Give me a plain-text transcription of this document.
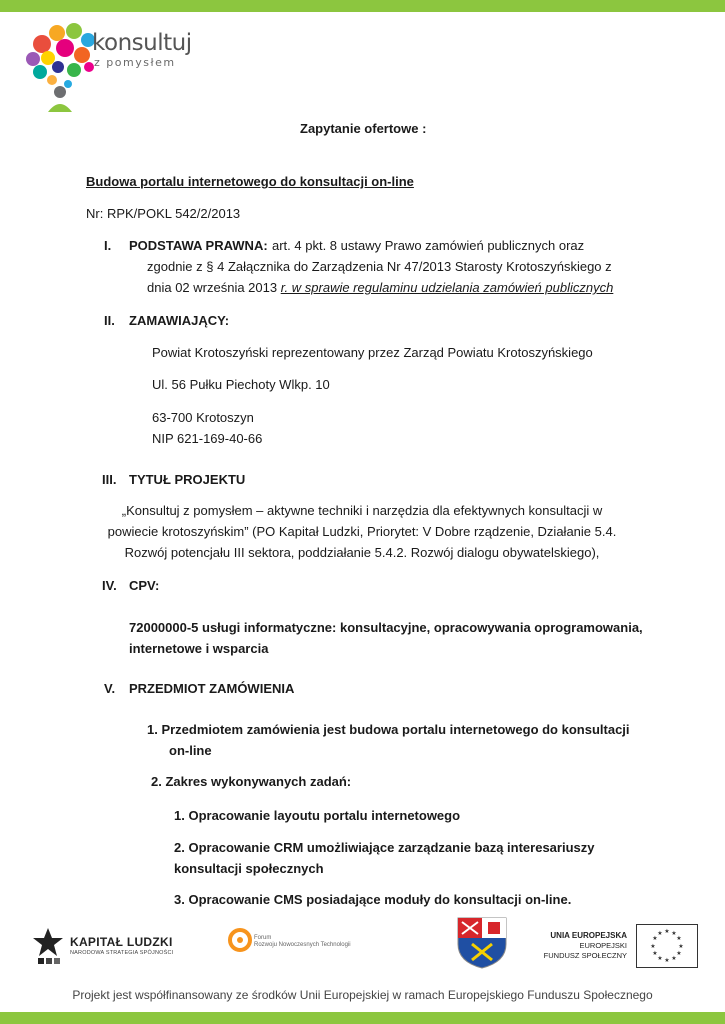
konsultuj
z pomysłem
Zapytanie ofertowe :
Budowa portalu internetowego do konsultacji on-line
Nr: RPK/POKL 542/2/2013
I. PODSTAWA PRAWNA: art. 4 pkt. 8 ustawy Prawo zamówień publicznych oraz
zgodnie z § 4 Załącznika do Zarządzenia Nr 47/2013 Starosty Krotoszyńskiego z
dnia 02 września 2013 r. w sprawie regulaminu udzielania zamówień publicznych
II. ZAMAWIAJĄCY:
Powiat Krotoszyński reprezentowany przez Zarząd Powiatu Krotoszyńskiego
Ul. 56 Pułku Piechoty Wlkp. 10
63-700 Krotoszyn
NIP 621-169-40-66
III. TYTUŁ PROJEKTU
„Konsultuj z pomysłem – aktywne techniki i narzędzia dla efektywnych konsultacji w
powiecie krotoszyńskim” (PO Kapitał Ludzki, Priorytet: V Dobre rządzenie, Działanie 5.4.
Rozwój potencjału III sektora, poddziałanie 5.4.2. Rozwój dialogu obywatelskiego),
IV. CPV:
72000000-5 usługi informatyczne: konsultacyjne, opracowywania oprogramowania,
internetowe i wsparcia
V. PRZEDMIOT ZAMÓWIENIA
1. Przedmiotem zamówienia jest budowa portalu internetowego do konsultacji
on-line
2. Zakres wykonywanych zadań:
1. Opracowanie layoutu portalu internetowego
2. Opracowanie CRM umożliwiające zarządzanie bazą interesariuszy
konsultacji społecznych
3. Opracowanie CMS posiadające moduły do konsultacji on-line.
KAPITAŁ LUDZKI
NARODOWA STRATEGIA SPÓJNOŚCI
Forum
Rozwoju Nowoczesnych Technologii
UNIA EUROPEJSKA
EUROPEJSKI
FUNDUSZ SPOŁECZNY
★ ★
★
★
★
★
★
★
★
★
★
★
Projekt jest współfinansowany ze środków Unii Europejskiej w ramach Europejskiego Funduszu Społecznego
